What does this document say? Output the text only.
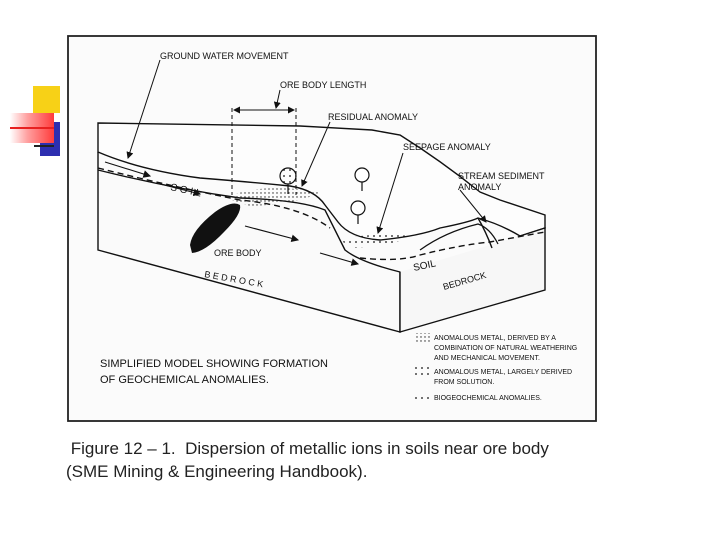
GROUND WATER MOVEMENT
ORE BODY LENGTH
RESIDUAL ANOMALY
SEEPAGE ANOMALY
STREAM SEDIMENT
ANOMALY
S O I L
SOIL
ORE BODY
B E D R O C K	BEDROCK
SIMPLIFIED MODEL SHOWING FORMATION
OF GEOCHEMICAL ANOMALIES.
ANOMALOUS METAL, DERIVED BY A
COMBINATION OF NATURAL WEATHERING
AND MECHANICAL MOVEMENT.
ANOMALOUS METAL, LARGELY DERIVED
FROM SOLUTION.
BIOGEOCHEMICAL ANOMALIES.
Figure 12 – 1.  Dispersion of metallic ions in soils near ore body
(SME Mining & Engineering Handbook).
